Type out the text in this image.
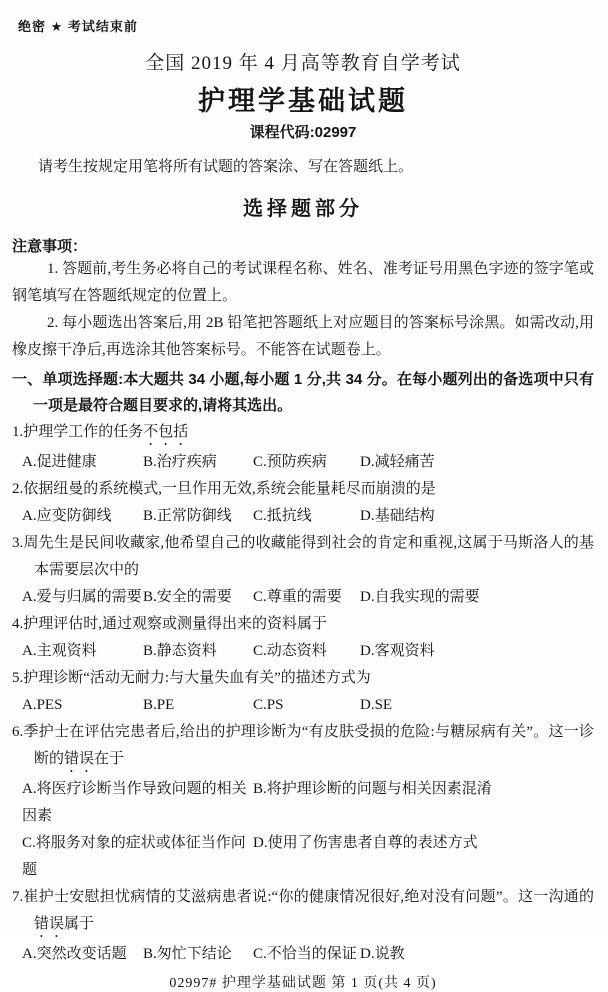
绝密 ★ 考试结束前
全国 2019 年 4 月高等教育自学考试
护理学基础试题
课程代码:02997
请考生按规定用笔将所有试题的答案涂、写在答题纸上。
选择题部分
注意事项：
1. 答题前,考生务必将自己的考试课程名称、姓名、准考证号用黑色字迹的签字笔或钢笔填写在答题纸规定的位置上。
2. 每小题选出答案后,用 2B 铅笔把答题纸上对应题目的答案标号涂黑。如需改动,用橡皮擦干净后,再选涂其他答案标号。不能答在试题卷上。
一、单项选择题:本大题共 34 小题,每小题 1 分,共 34 分。在每小题列出的备选项中只有一项是最符合题目要求的,请将其选出。
1.护理学工作的任务不包括
A.促进健康	B.治疗疾病	C.预防疾病	D.减轻痛苦
2.依据纽曼的系统模式,一旦作用无效,系统会能量耗尽而崩溃的是
A.应变防御线	B.正常防御线	C.抵抗线	D.基础结构
3.周先生是民间收藏家,他希望自己的收藏能得到社会的肯定和重视,这属于马斯洛人的基本需要层次中的
A.爱与归属的需要 B.安全的需要	C.尊重的需要	D.自我实现的需要
4.护理评估时,通过观察或测量得出来的资料属于
A.主观资料	B.静态资料	C.动态资料	D.客观资料
5.护理诊断“活动无耐力:与大量失血有关”的描述方式为
A.PES	B.PE	C.PS	D.SE
6.季护士在评估完患者后,给出的护理诊断为“有皮肤受损的危险:与糖尿病有关”。这一诊断的错误在于
A.将医疗诊断当作导致问题的相关因素
B.将护理诊断的问题与相关因素混淆
C.将服务对象的症状或体征当作问题
D.使用了伤害患者自尊的表述方式
7.崔护士安慰担忧病情的艾滋病患者说:“你的健康情况很好,绝对没有问题”。这一沟通的错误属于
A.突然改变话题	B.匆忙下结论	C.不恰当的保证 D.说教
02997# 护理学基础试题 第 1 页(共 4 页)
